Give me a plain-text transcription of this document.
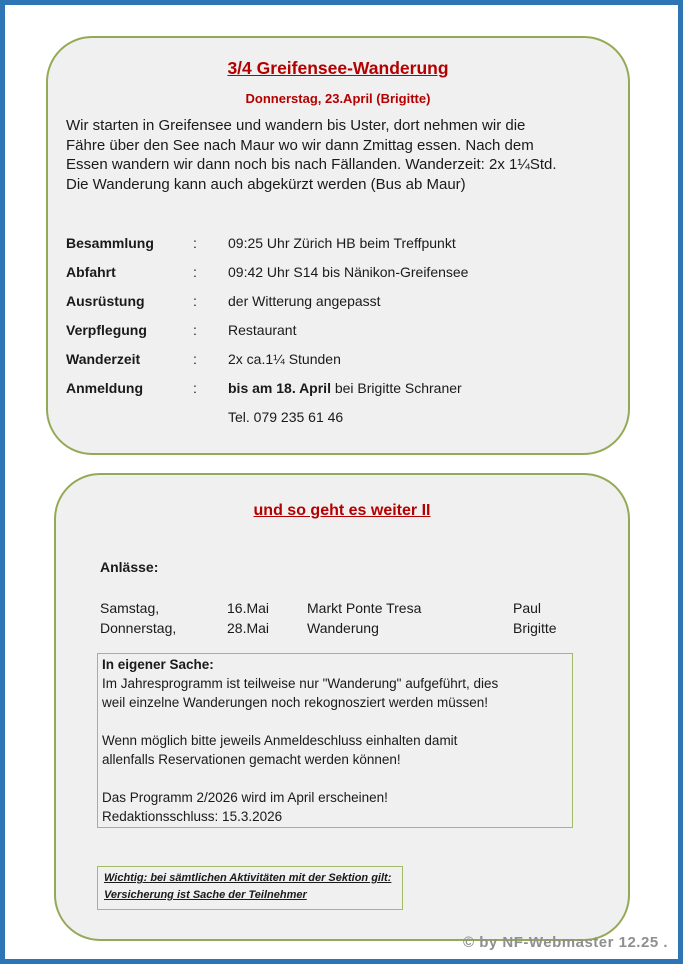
3/4 Greifensee-Wanderung
Donnerstag, 23.April (Brigitte)
Wir starten in Greifensee und wandern bis Uster, dort nehmen wir die
Fähre über den See nach Maur wo wir dann Zmittag essen. Nach dem
Essen wandern wir dann noch bis nach Fällanden. Wanderzeit: 2x 1¼Std.
Die Wanderung kann auch abgekürzt werden (Bus ab Maur)
Besammlung	:	09:25 Uhr Zürich HB beim Treffpunkt
Abfahrt	:	09:42 Uhr S14 bis Nänikon-Greifensee
Ausrüstung	:	der Witterung angepasst
Verpflegung	:	Restaurant
Wanderzeit	:	2x ca.1¼ Stunden
Anmeldung	:	bis am 18. April bei Brigitte Schraner
Tel. 079 235 61 46
und so geht es weiter II
Anlässe:
Samstag,	16.Mai	Markt Ponte Tresa	Paul
Donnerstag,	28.Mai	Wanderung	Brigitte
In eigener Sache:
Im Jahresprogramm ist teilweise nur "Wanderung" aufgeführt, dies
weil einzelne Wanderungen noch rekognosziert werden müssen!
Wenn möglich bitte jeweils Anmeldeschluss einhalten damit
allenfalls Reservationen gemacht werden können!
Das Programm 2/2026 wird im April erscheinen!
Redaktionsschluss: 15.3.2026
Wichtig: bei sämtlichen Aktivitäten mit der Sektion gilt:
Versicherung ist Sache der Teilnehmer
© by NF-Webmaster 12.25 .
